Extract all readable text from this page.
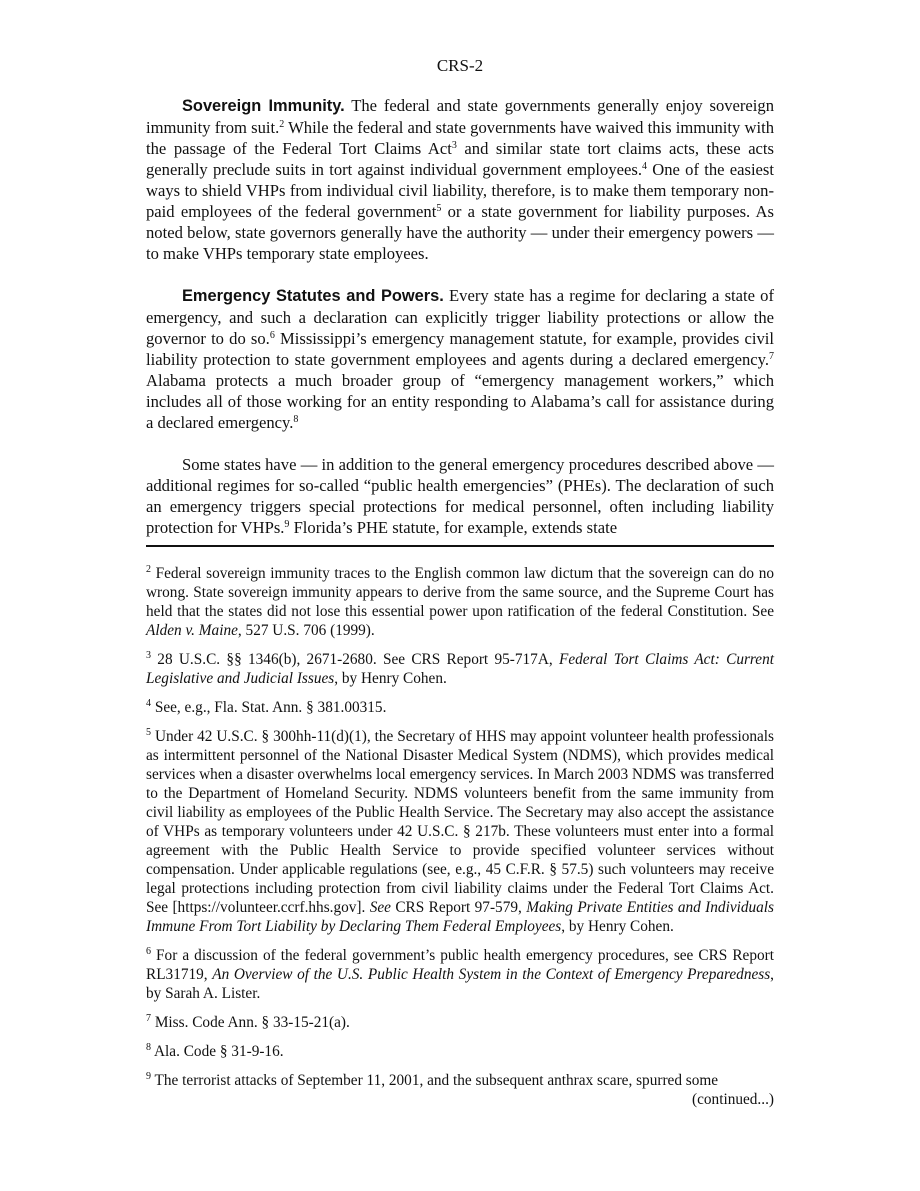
CRS-2

Sovereign Immunity. The federal and state governments generally enjoy sovereign immunity from suit.$^2$ While the federal and state governments have waived this immunity with the passage of the Federal Tort Claims Act$^3$ and similar state tort claims acts, these acts generally preclude suits in tort against individual government employees.$^4$ One of the easiest ways to shield VHPs from individual civil liability, therefore, is to make them temporary non-paid employees of the federal government$^5$ or a state government for liability purposes. As noted below, state governors generally have the authority — under their emergency powers — to make VHPs temporary state employees.

Emergency Statutes and Powers. Every state has a regime for declaring a state of emergency, and such a declaration can explicitly trigger liability protections or allow the governor to do so.$^6$ Mississippi’s emergency management statute, for example, provides civil liability protection to state government employees and agents during a declared emergency.$^7$ Alabama protects a much broader group of “emergency management workers,” which includes all of those working for an entity responding to Alabama’s call for assistance during a declared emergency.$^8$

Some states have — in addition to the general emergency procedures described above — additional regimes for so-called “public health emergencies” (PHEs). The declaration of such an emergency triggers special protections for medical personnel, often including liability protection for VHPs.$^9$ Florida’s PHE statute, for example, extends state

$^2$ Federal sovereign immunity traces to the English common law dictum that the sovereign can do no wrong. State sovereign immunity appears to derive from the same source, and the Supreme Court has held that the states did not lose this essential power upon ratification of the federal Constitution. See Alden v. Maine, 527 U.S. 706 (1999).

$^3$ 28 U.S.C. §§ 1346(b), 2671-2680. See CRS Report 95-717A, Federal Tort Claims Act: Current Legislative and Judicial Issues, by Henry Cohen.

$^4$ See, e.g., Fla. Stat. Ann. § 381.00315.

$^5$ Under 42 U.S.C. § 300hh-11(d)(1), the Secretary of HHS may appoint volunteer health professionals as intermittent personnel of the National Disaster Medical System (NDMS), which provides medical services when a disaster overwhelms local emergency services. In March 2003 NDMS was transferred to the Department of Homeland Security. NDMS volunteers benefit from the same immunity from civil liability as employees of the Public Health Service. The Secretary may also accept the assistance of VHPs as temporary volunteers under 42 U.S.C. § 217b. These volunteers must enter into a formal agreement with the Public Health Service to provide specified volunteer services without compensation. Under applicable regulations (see, e.g., 45 C.F.R. § 57.5) such volunteers may receive legal protections including protection from civil liability claims under the Federal Tort Claims Act. See [https://volunteer.ccrf.hhs.gov]. See CRS Report 97-579, Making Private Entities and Individuals Immune From Tort Liability by Declaring Them Federal Employees, by Henry Cohen.

$^6$ For a discussion of the federal government’s public health emergency procedures, see CRS Report RL31719, An Overview of the U.S. Public Health System in the Context of Emergency Preparedness, by Sarah A. Lister.

$^7$ Miss. Code Ann. § 33-15-21(a).

$^8$ Ala. Code § 31-9-16.

$^9$ The terrorist attacks of September 11, 2001, and the subsequent anthrax scare, spurred some

(continued...)
